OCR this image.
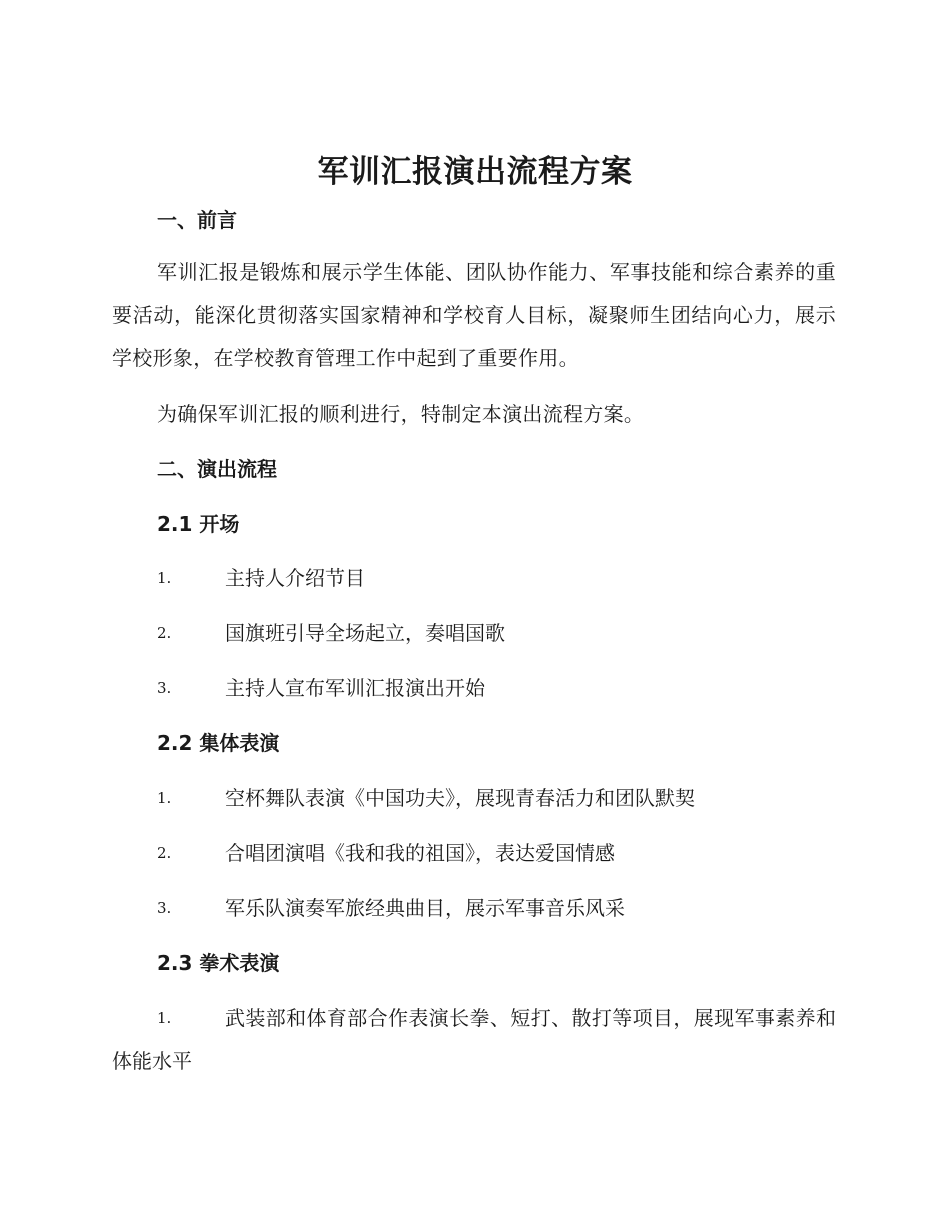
军训汇报演出流程方案
一、前言
军训汇报是锻炼和展示学生体能、团队协作能力、军事技能和综合素养的重要活动，能深化贯彻落实国家精神和学校育人目标，凝聚师生团结向心力，展示学校形象，在学校教育管理工作中起到了重要作用。
为确保军训汇报的顺利进行，特制定本演出流程方案。
二、演出流程
2.1 开场
1.	主持人介绍节目
2.	国旗班引导全场起立，奏唱国歌
3.	主持人宣布军训汇报演出开始
2.2 集体表演
1.	空杯舞队表演《中国功夫》，展现青春活力和团队默契
2.	合唱团演唱《我和我的祖国》，表达爱国情感
3.	军乐队演奏军旅经典曲目，展示军事音乐风采
2.3 拳术表演
1.	武装部和体育部合作表演长拳、短打、散打等项目，展现军事素养和体能水平
